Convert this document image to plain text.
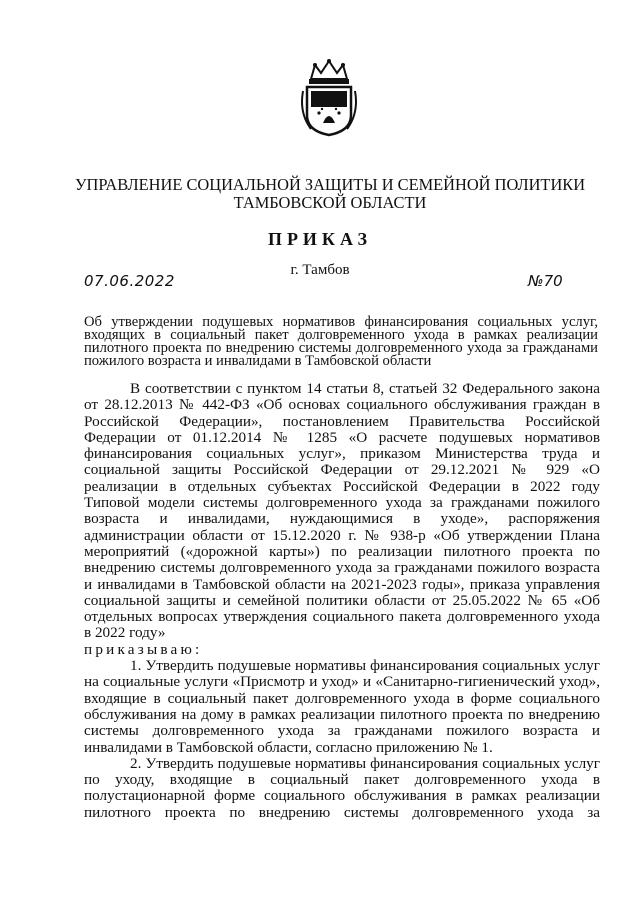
УПРАВЛЕНИЕ СОЦИАЛЬНОЙ ЗАЩИТЫ И СЕМЕЙНОЙ ПОЛИТИКИ ТАМБОВСКОЙ ОБЛАСТИ
ПРИКАЗ
07.06.2022
г. Тамбов
№70
Об утверждении подушевых нормативов финансирования социальных услуг, входящих в социальный пакет долговременного ухода в рамках реализации пилотного проекта по внедрению системы долговременного ухода за гражданами пожилого возраста и инвалидами в Тамбовской области

В соответствии с пунктом 14 статьи 8, статьей 32 Федерального закона от 28.12.2013 № 442-ФЗ «Об основах социального обслуживания граждан в Российской Федерации», постановлением Правительства Российской Федерации от 01.12.2014 № 1285 «О расчете подушевых нормативов финансирования социальных услуг», приказом Министерства труда и социальной защиты Российской Федерации от 29.12.2021 № 929 «О реализации в отдельных субъектах Российской Федерации в 2022 году Типовой модели системы долговременного ухода за гражданами пожилого возраста и инвалидами, нуждающимися в уходе», распоряжения администрации области от 15.12.2020 г. № 938-р «Об утверждении Плана мероприятий («дорожной карты») по реализации пилотного проекта по внедрению системы долговременного ухода за гражданами пожилого возраста и инвалидами в Тамбовской области на 2021-2023 годы», приказа управления социальной защиты и семейной политики области от 25.05.2022 № 65 «Об отдельных вопросах утверждения социального пакета долговременного ухода в 2022 году»

приказываю:

1. Утвердить подушевые нормативы финансирования социальных услуг на социальные услуги «Присмотр и уход» и «Санитарно-гигиенический уход», входящие в социальный пакет долговременного ухода в форме социального обслуживания на дому в рамках реализации пилотного проекта по внедрению системы долговременного ухода за гражданами пожилого возраста и инвалидами в Тамбовской области, согласно приложению № 1.

2. Утвердить подушевые нормативы финансирования социальных услуг по уходу, входящие в социальный пакет долговременного ухода в полустационарной форме социального обслуживания в рамках реализации пилотного проекта по внедрению системы долговременного ухода за
